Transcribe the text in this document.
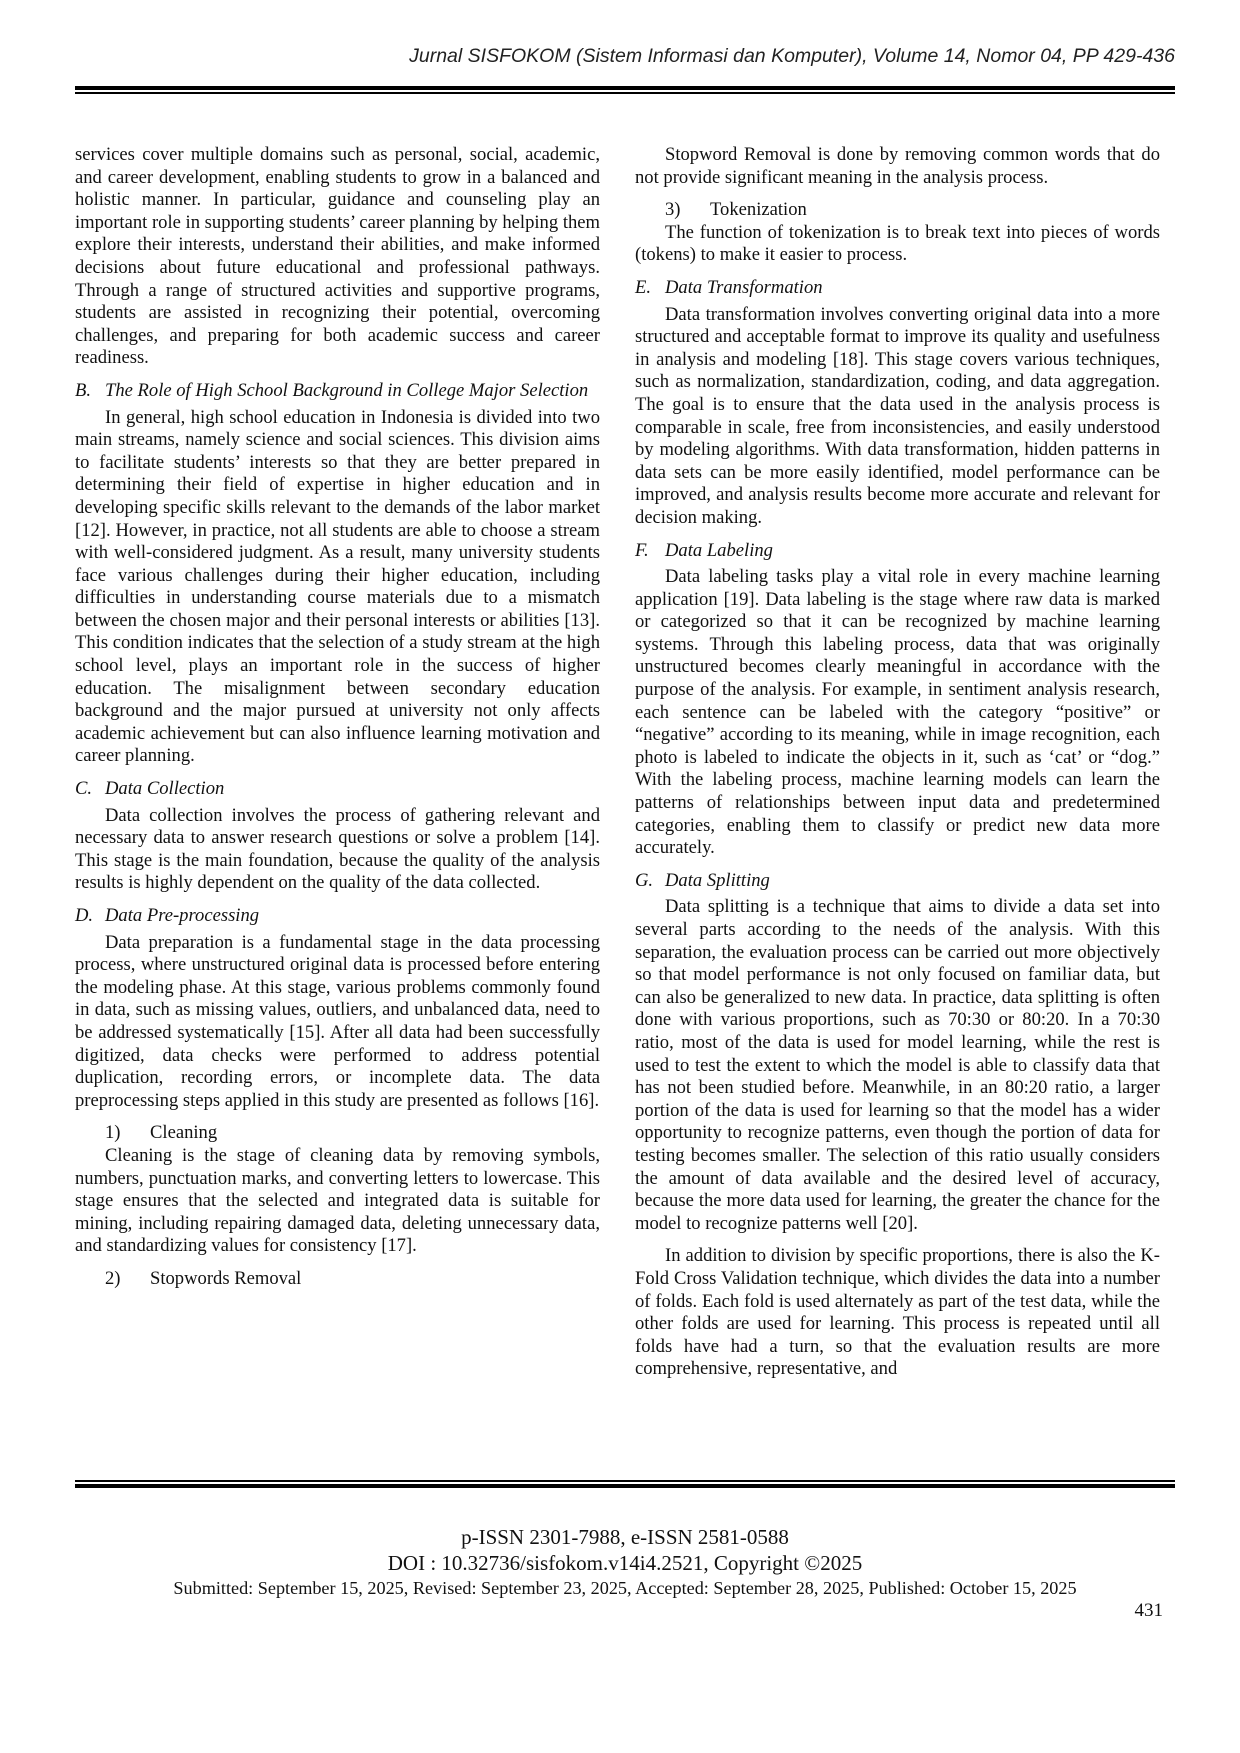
Jurnal SISFOKOM (Sistem Informasi dan Komputer), Volume 14, Nomor 04, PP 429-436

services cover multiple domains such as personal, social, academic, and career development, enabling students to grow in a balanced and holistic manner. In particular, guidance and counseling play an important role in supporting students’ career planning by helping them explore their interests, understand their abilities, and make informed decisions about future educational and professional pathways. Through a range of structured activities and supportive programs, students are assisted in recognizing their potential, overcoming challenges, and preparing for both academic success and career readiness.

B. The Role of High School Background in College Major Selection

In general, high school education in Indonesia is divided into two main streams, namely science and social sciences. This division aims to facilitate students’ interests so that they are better prepared in determining their field of expertise in higher education and in developing specific skills relevant to the demands of the labor market [12]. However, in practice, not all students are able to choose a stream with well-considered judgment. As a result, many university students face various challenges during their higher education, including difficulties in understanding course materials due to a mismatch between the chosen major and their personal interests or abilities [13]. This condition indicates that the selection of a study stream at the high school level, plays an important role in the success of higher education. The misalignment between secondary education background and the major pursued at university not only affects academic achievement but can also influence learning motivation and career planning.

C. Data Collection

Data collection involves the process of gathering relevant and necessary data to answer research questions or solve a problem [14]. This stage is the main foundation, because the quality of the analysis results is highly dependent on the quality of the data collected.

D. Data Pre-processing

Data preparation is a fundamental stage in the data processing process, where unstructured original data is processed before entering the modeling phase. At this stage, various problems commonly found in data, such as missing values, outliers, and unbalanced data, need to be addressed systematically [15]. After all data had been successfully digitized, data checks were performed to address potential duplication, recording errors, or incomplete data. The data preprocessing steps applied in this study are presented as follows [16].

1) Cleaning

Cleaning is the stage of cleaning data by removing symbols, numbers, punctuation marks, and converting letters to lowercase. This stage ensures that the selected and integrated data is suitable for mining, including repairing damaged data, deleting unnecessary data, and standardizing values for consistency [17].

2) Stopwords Removal

Stopword Removal is done by removing common words that do not provide significant meaning in the analysis process.

3) Tokenization

The function of tokenization is to break text into pieces of words (tokens) to make it easier to process.

E. Data Transformation

Data transformation involves converting original data into a more structured and acceptable format to improve its quality and usefulness in analysis and modeling [18]. This stage covers various techniques, such as normalization, standardization, coding, and data aggregation. The goal is to ensure that the data used in the analysis process is comparable in scale, free from inconsistencies, and easily understood by modeling algorithms. With data transformation, hidden patterns in data sets can be more easily identified, model performance can be improved, and analysis results become more accurate and relevant for decision making.

F. Data Labeling

Data labeling tasks play a vital role in every machine learning application [19]. Data labeling is the stage where raw data is marked or categorized so that it can be recognized by machine learning systems. Through this labeling process, data that was originally unstructured becomes clearly meaningful in accordance with the purpose of the analysis. For example, in sentiment analysis research, each sentence can be labeled with the category “positive” or “negative” according to its meaning, while in image recognition, each photo is labeled to indicate the objects in it, such as ‘cat’ or “dog.” With the labeling process, machine learning models can learn the patterns of relationships between input data and predetermined categories, enabling them to classify or predict new data more accurately.

G. Data Splitting

Data splitting is a technique that aims to divide a data set into several parts according to the needs of the analysis. With this separation, the evaluation process can be carried out more objectively so that model performance is not only focused on familiar data, but can also be generalized to new data. In practice, data splitting is often done with various proportions, such as 70:30 or 80:20. In a 70:30 ratio, most of the data is used for model learning, while the rest is used to test the extent to which the model is able to classify data that has not been studied before. Meanwhile, in an 80:20 ratio, a larger portion of the data is used for learning so that the model has a wider opportunity to recognize patterns, even though the portion of data for testing becomes smaller. The selection of this ratio usually considers the amount of data available and the desired level of accuracy, because the more data used for learning, the greater the chance for the model to recognize patterns well [20].

In addition to division by specific proportions, there is also the K-Fold Cross Validation technique, which divides the data into a number of folds. Each fold is used alternately as part of the test data, while the other folds are used for learning. This process is repeated until all folds have had a turn, so that the evaluation results are more comprehensive, representative, and

p-ISSN 2301-7988, e-ISSN 2581-0588
DOI : 10.32736/sisfokom.v14i4.2521, Copyright ©2025
Submitted: September 15, 2025, Revised: September 23, 2025, Accepted: September 28, 2025, Published: October 15, 2025
431
